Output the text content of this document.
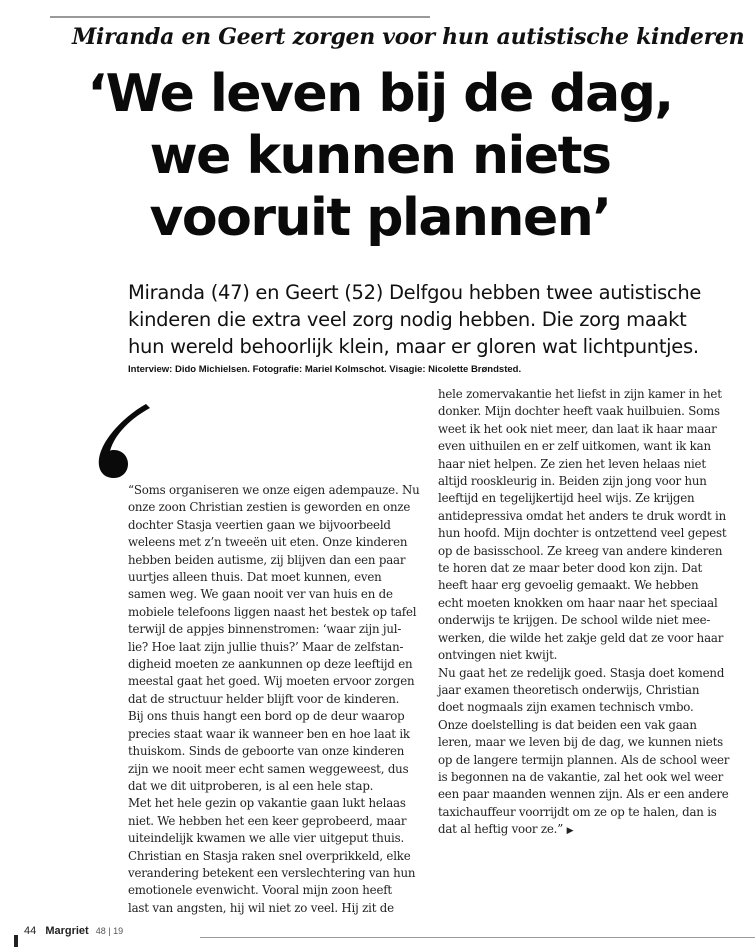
Miranda en Geert zorgen voor hun autistische kinderen
‘We leven bij de dag,
we kunnen niets
vooruit plannen’
Miranda (47) en Geert (52) Delfgou hebben twee autistische
kinderen die extra veel zorg nodig hebben. Die zorg maakt
hun wereld behoorlijk klein, maar er gloren wat lichtpuntjes.
Interview: Dido Michielsen. Fotografie: Mariel Kolmschot. Visagie: Nicolette Brøndsted.
“Soms organiseren we onze eigen adempauze. Nu
onze zoon Christian zestien is geworden en onze
dochter Stasja veertien gaan we bijvoorbeeld
weleens met z’n tweeën uit eten. Onze kinderen
hebben beiden autisme, zij blijven dan een paar
uurtjes alleen thuis. Dat moet kunnen, even
samen weg. We gaan nooit ver van huis en de
mobiele telefoons liggen naast het bestek op tafel
terwijl de appjes binnenstromen: ‘waar zijn jul-
lie? Hoe laat zijn jullie thuis?’ Maar de zelfstan-
digheid moeten ze aankunnen op deze leeftijd en
meestal gaat het goed. Wij moeten ervoor zorgen
dat de structuur helder blijft voor de kinderen.
Bij ons thuis hangt een bord op de deur waarop
precies staat waar ik wanneer ben en hoe laat ik
thuiskom. Sinds de geboorte van onze kinderen
zijn we nooit meer echt samen weggeweest, dus
dat we dit uitproberen, is al een hele stap.
Met het hele gezin op vakantie gaan lukt helaas
niet. We hebben het een keer geprobeerd, maar
uiteindelijk kwamen we alle vier uitgeput thuis.
Christian en Stasja raken snel overprikkeld, elke
verandering betekent een verslechtering van hun
emotionele evenwicht. Vooral mijn zoon heeft
last van angsten, hij wil niet zo veel. Hij zit de
hele zomervakantie het liefst in zijn kamer in het
donker. Mijn dochter heeft vaak huilbuien. Soms
weet ik het ook niet meer, dan laat ik haar maar
even uithuilen en er zelf uitkomen, want ik kan
haar niet helpen. Ze zien het leven helaas niet
altijd rooskleurig in. Beiden zijn jong voor hun
leeftijd en tegelijkertijd heel wijs. Ze krijgen
antidepressiva omdat het anders te druk wordt in
hun hoofd. Mijn dochter is ontzettend veel gepest
op de basisschool. Ze kreeg van andere kinderen
te horen dat ze maar beter dood kon zijn. Dat
heeft haar erg gevoelig gemaakt. We hebben
echt moeten knokken om haar naar het speciaal
onderwijs te krijgen. De school wilde niet mee-
werken, die wilde het zakje geld dat ze voor haar
ontvingen niet kwijt.
Nu gaat het ze redelijk goed. Stasja doet komend
jaar examen theoretisch onderwijs, Christian
doet nogmaals zijn examen technisch vmbo.
Onze doelstelling is dat beiden een vak gaan
leren, maar we leven bij de dag, we kunnen niets
op de langere termijn plannen. Als de school weer
is begonnen na de vakantie, zal het ook wel weer
een paar maanden wennen zijn. Als er een andere
taxichauffeur voorrijdt om ze op te halen, dan is
dat al heftig voor ze.” ▶
44 Margriet 48 | 19
